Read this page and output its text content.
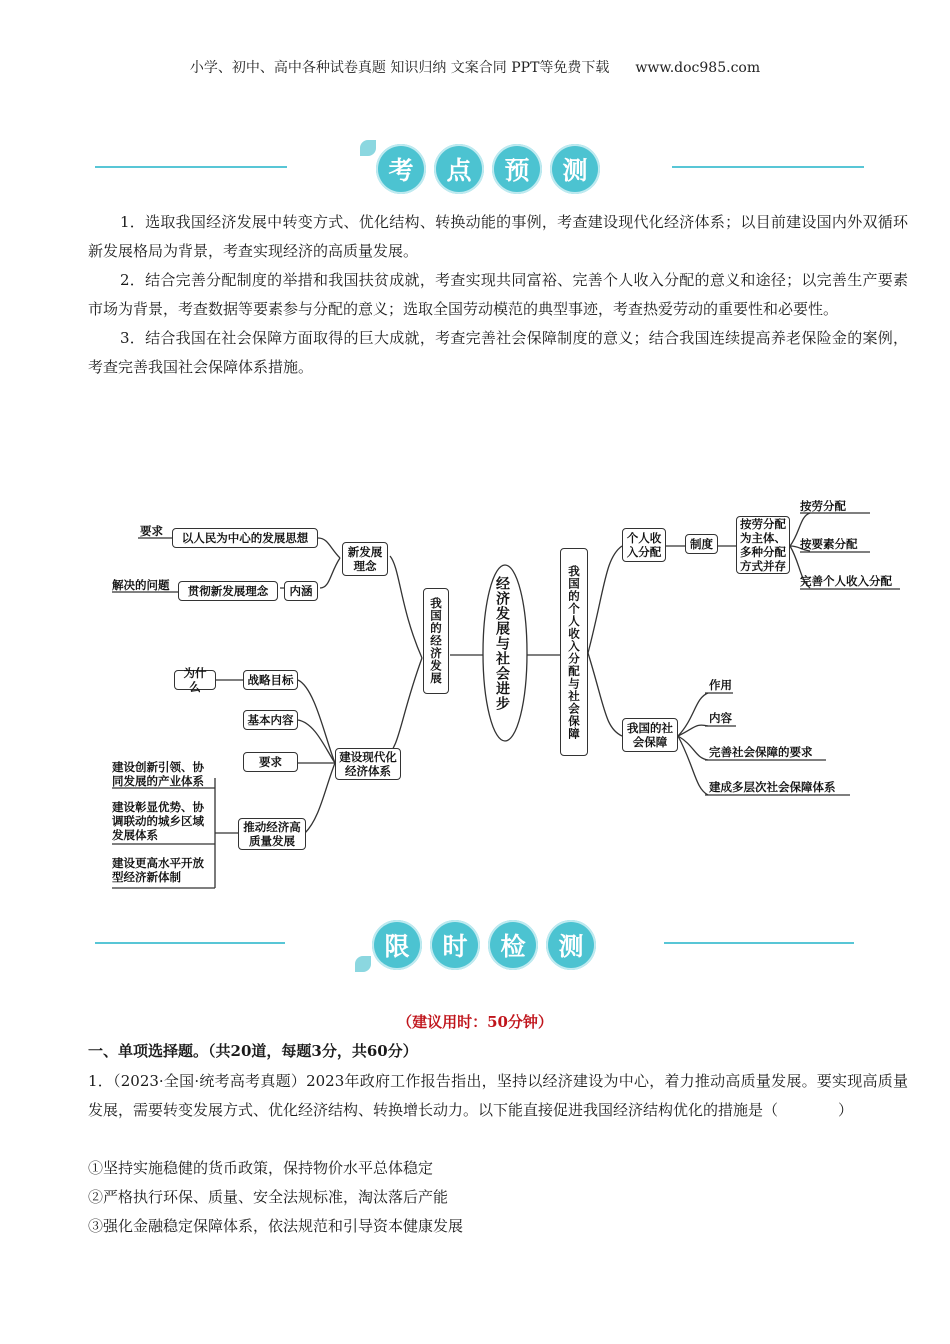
小学、初中、高中各种试卷真题 知识归纳 文案合同 PPT等免费下载 www.doc985.com
考	点	预	测

1．选取我国经济发展中转变方式、优化结构、转换动能的事例，考查建设现代化经济体系；以目前建设国内外双循环新发展格局为背景，考查实现经济的高质量发展。

2．结合完善分配制度的举措和我国扶贫成就，考查实现共同富裕、完善个人收入分配的意义和途径；以完善生产要素市场为背景，考查数据等要素参与分配的意义；选取全国劳动模范的典型事迹，考查热爱劳动的重要性和必要性。

3．结合我国在社会保障方面取得的巨大成就，考查完善社会保障制度的意义；结合我国连续提高养老保险金的案例，考查完善我国社会保障体系措施。

经济发展与社会进步
我国的经济发展	我国的个人收入分配与社会保障
新发展理念
以人民为中心的发展思想
要求
贯彻新发展理念	内涵
解决的问题
建设现代化经济体系
战略目标
为什么
基本内容
要求
推动经济高质量发展
建设创新引领、协同发展的产业体系
建设彰显优势、协调联动的城乡区域发展体系
建设更高水平开放型经济新体制
个人收入分配
制度
按劳分配为主体、多种分配方式并存
按劳分配
按要素分配
完善个人收入分配
我国的社会保障
作用
内容
完善社会保障的要求
建成多层次社会保障体系
限	时	检	测
（建议用时：50分钟）
一、单项选择题。（共20道，每题3分，共60分）
1．（2023·全国·统考高考真题）2023年政府工作报告指出，坚持以经济建设为中心，着力推动高质量发展。要实现高质量发展，需要转变发展方式、优化经济结构、转换增长动力。以下能直接促进我国经济结构优化的措施是（　　　　）
①坚持实施稳健的货币政策，保持物价水平总体稳定
②严格执行环保、质量、安全法规标准，淘汰落后产能
③强化金融稳定保障体系，依法规范和引导资本健康发展
